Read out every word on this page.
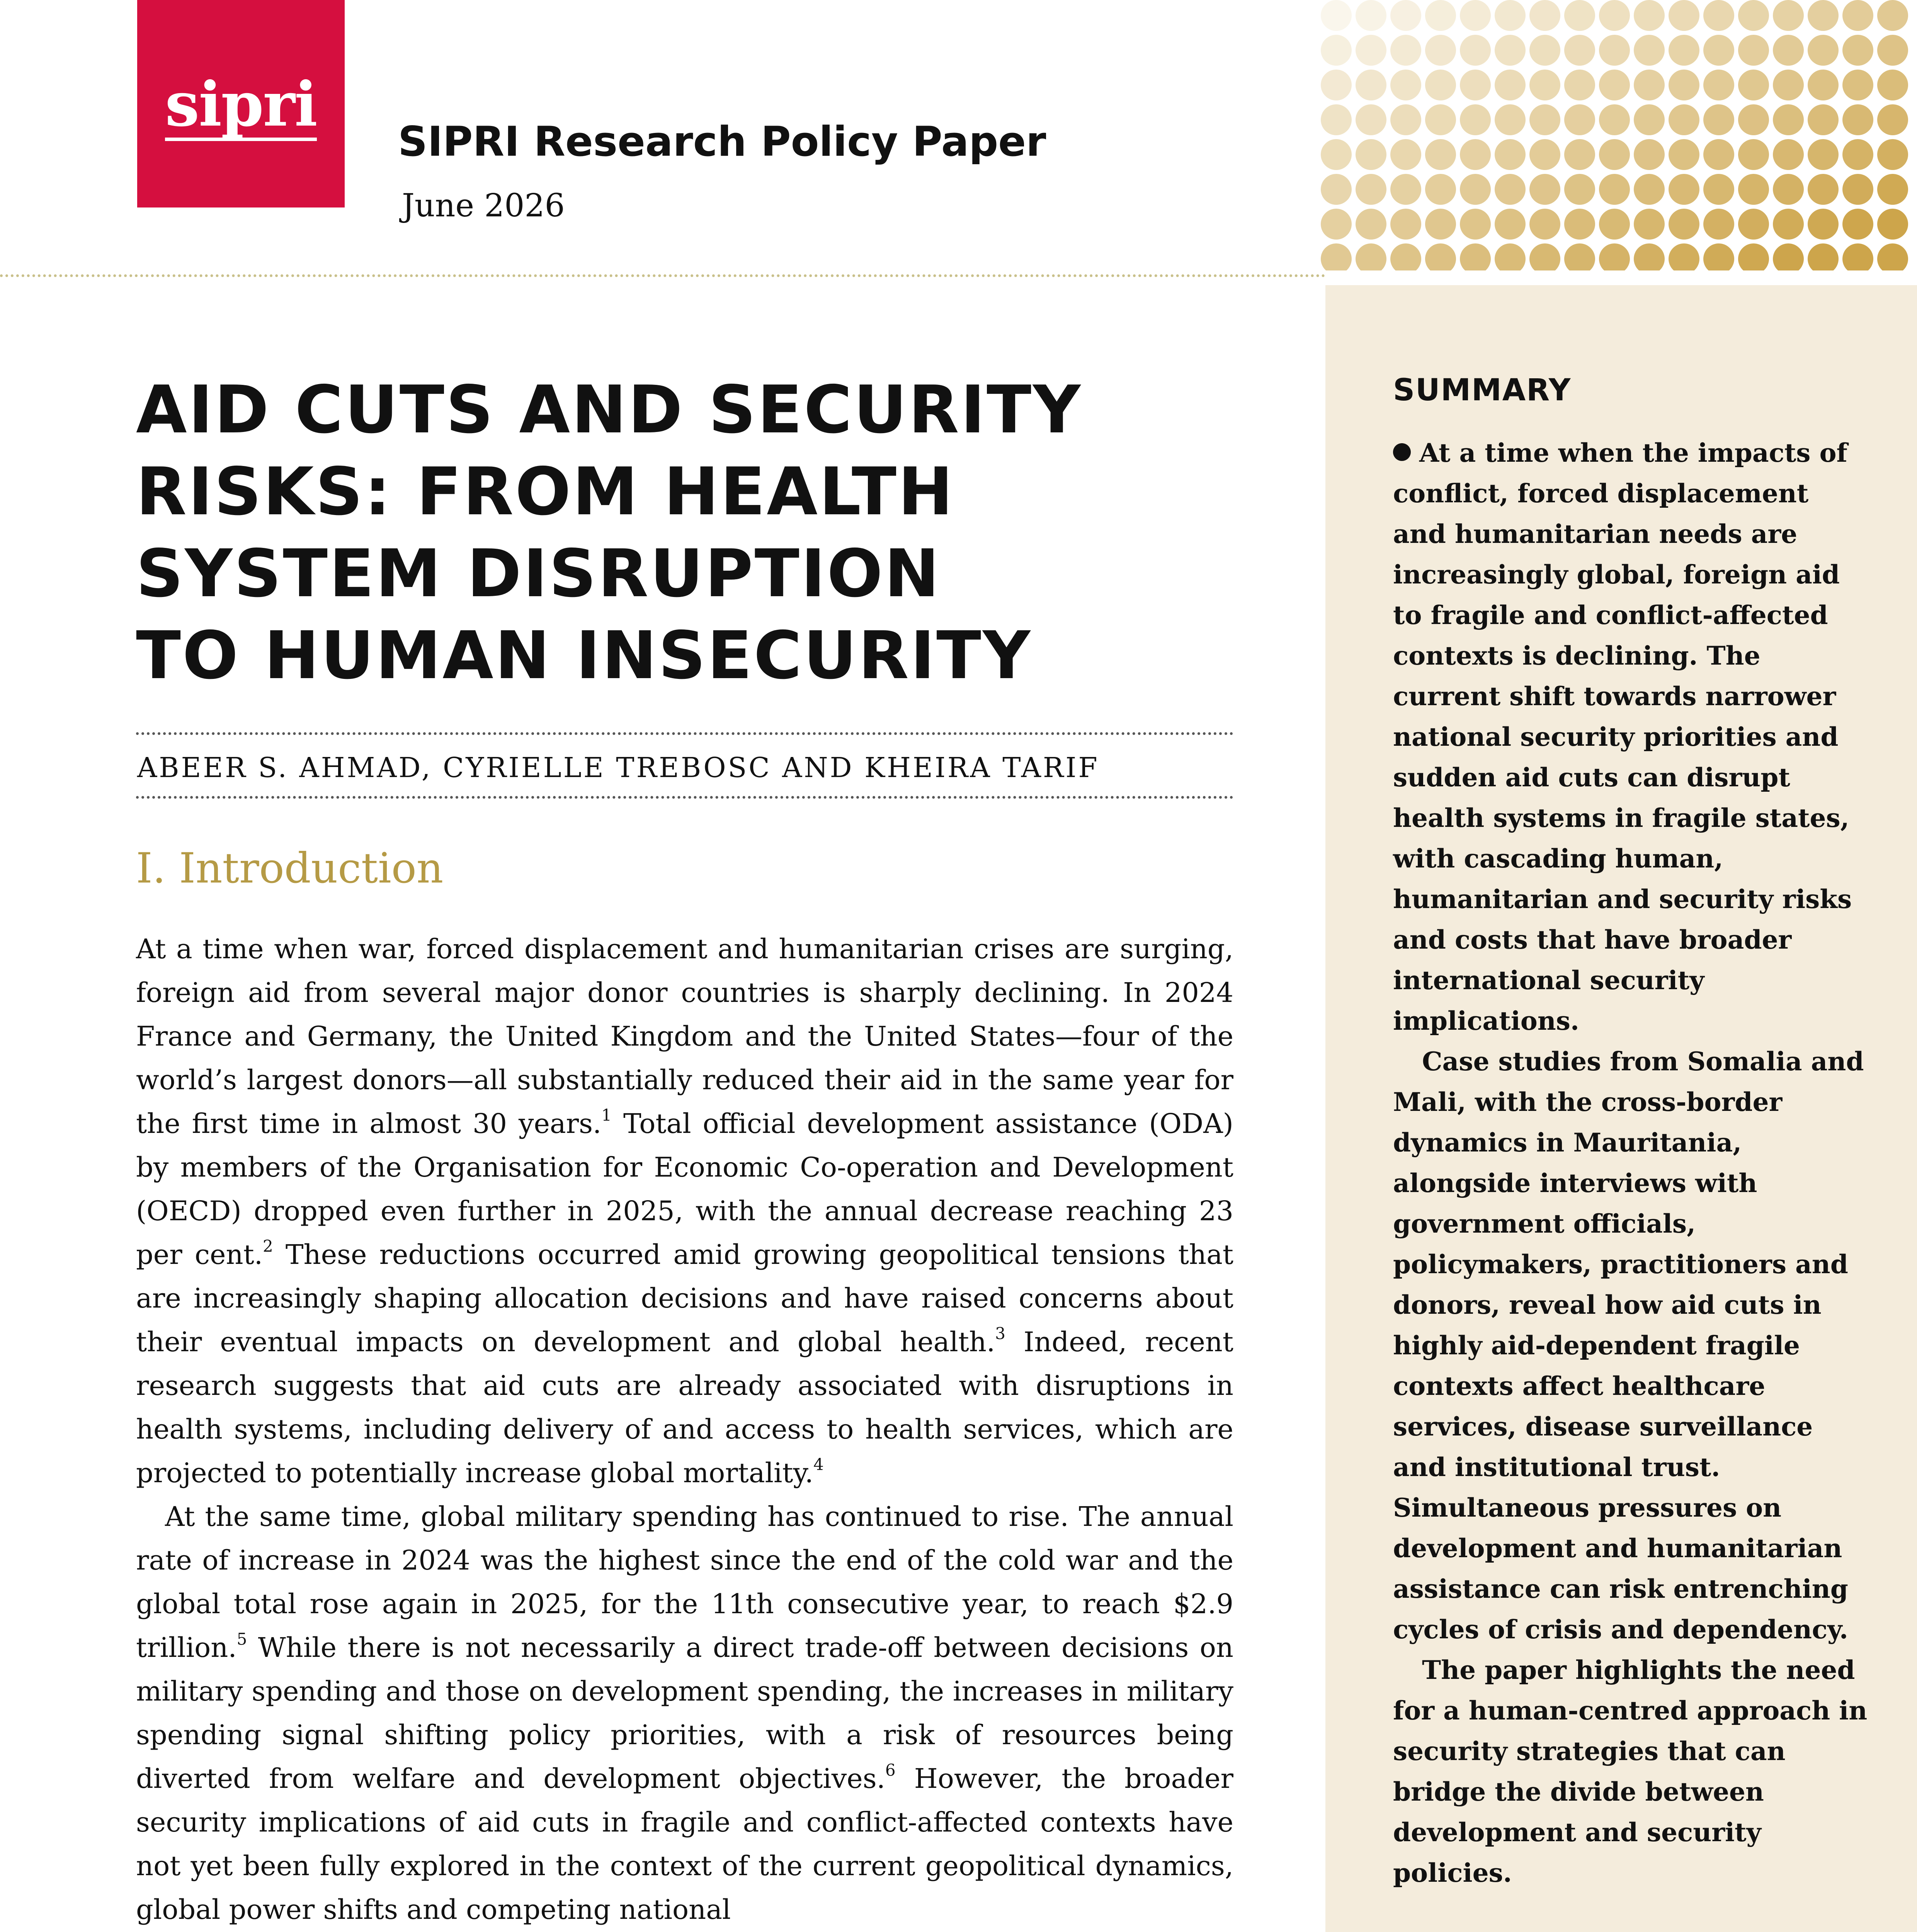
sipri
SIPRI Research Policy Paper
June 2026
SUMMARY

At a time when the impacts of conflict, forced displacement and humanitarian needs are increasingly global, foreign aid to fragile and conflict-affected contexts is declining. The current shift towards narrower national security priorities and sudden aid cuts can disrupt health systems in fragile states, with cascading human, humanitarian and security risks and costs that have broader international security implications.

Case studies from Somalia and Mali, with the cross-border dynamics in Mauritania, alongside interviews with government officials, policymakers, practitioners and donors, reveal how aid cuts in highly aid-dependent fragile contexts affect healthcare services, disease surveillance and institutional trust. Simultaneous pressures on development and humanitarian assistance can risk entrenching cycles of crisis and dependency.

The paper highlights the need for a human-centred approach in security strategies that can bridge the divide between development and security policies.

AID CUTS AND SECURITY
RISKS: FROM HEALTH
SYSTEM DISRUPTION
TO HUMAN INSECURITY
ABEER S. AHMAD, CYRIELLE TREBOSC AND KHEIRA TARIF
I. Introduction

At a time when war, forced displacement and humanitarian crises are surging, foreign aid from several major donor countries is sharply declining. In 2024 France and Germany, the United Kingdom and the United States—four of the world’s largest donors—all substantially reduced their aid in the same year for the first time in almost 30 years.$^1$ Total official development assistance (ODA) by members of the Organisation for Economic Co-operation and Development (OECD) dropped even further in 2025, with the annual decrease reaching 23 per cent.$^2$ These reductions occurred amid growing geopolitical tensions that are increasingly shaping allocation decisions and have raised concerns about their eventual impacts on development and global health.$^3$ Indeed, recent research suggests that aid cuts are already associated with disruptions in health systems, including delivery of and access to health services, which are projected to potentially increase global mortality.$^4$

At the same time, global military spending has continued to rise. The annual rate of increase in 2024 was the highest since the end of the cold war and the global total rose again in 2025, for the 11th consecutive year, to reach $2.9 trillion.$^5$ While there is not necessarily a direct trade-off between decisions on military spending and those on development spending, the increases in military spending signal shifting policy priorities, with a risk of resources being diverted from welfare and development objectives.$^6$ However, the broader security implications of aid cuts in fragile and conflict-affected contexts have not yet been fully explored in the context of the current geopolitical dynamics, global power shifts and competing national
